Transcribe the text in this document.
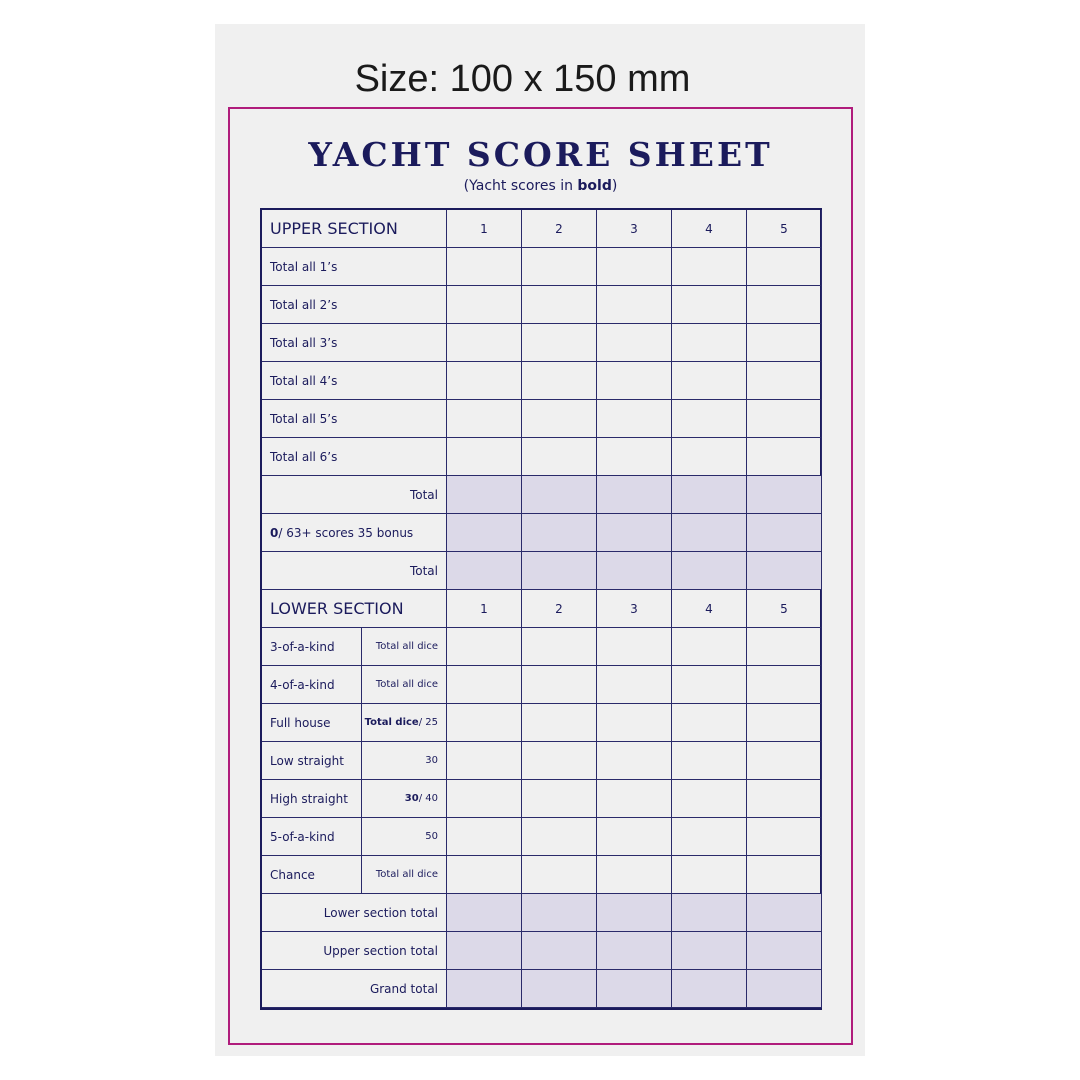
Size: 100 x 150 mm
YACHT SCORE SHEET
(Yacht scores in bold)
UPPER SECTION	1	2	3	4	5
Total all 1’s
Total all 2’s
Total all 3’s
Total all 4’s
Total all 5’s
Total all 6’s
Total
0 / 63+ scores 35 bonus
Total
LOWER SECTION	1	2	3	4	5
3-of-a-kind	Total all dice
4-of-a-kind	Total all dice
Full house	Total dice / 25
Low straight	30
High straight	30 / 40
5-of-a-kind	50
Chance	Total all dice
Lower section total
Upper section total
Grand total
